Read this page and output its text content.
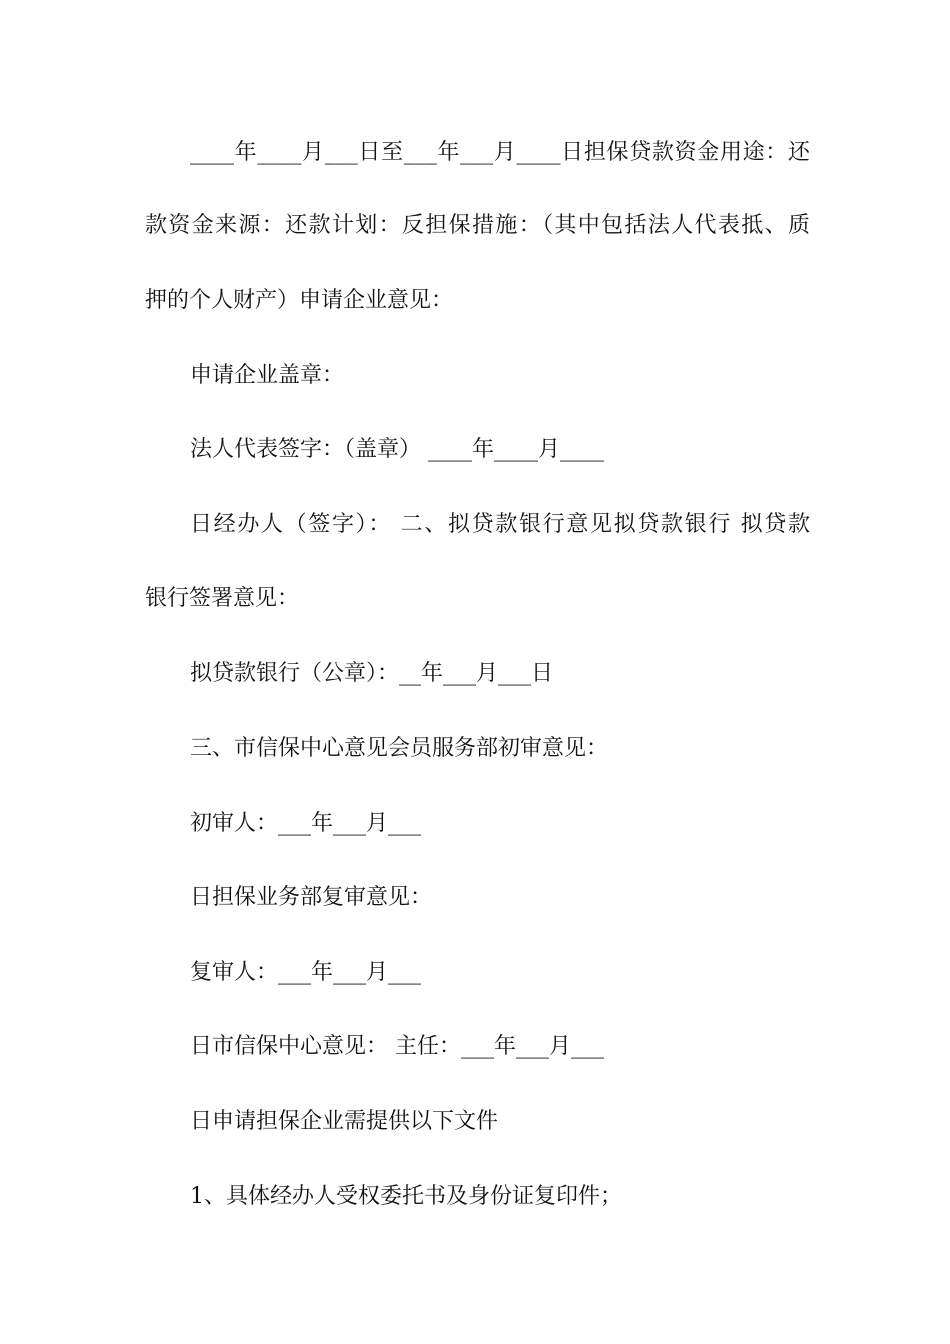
____年____月___日至___年___月____日担保贷款资金用途：还
款资金来源：还款计划：反担保措施：（其中包括法人代表抵、质
押的个人财产）申请企业意见：
申请企业盖章：
法人代表签字：（盖章） ____年____月____
日经办人（签字）： 二、拟贷款银行意见拟贷款银行 拟贷款
银行签署意见：
拟贷款银行（公章）：__年___月___日
三、市信保中心意见会员服务部初审意见：
初审人：___年___月___
日担保业务部复审意见：
复审人：___年___月___
日市信保中心意见： 主任：___年___月___
日申请担保企业需提供以下文件
1、具体经办人受权委托书及身份证复印件；
